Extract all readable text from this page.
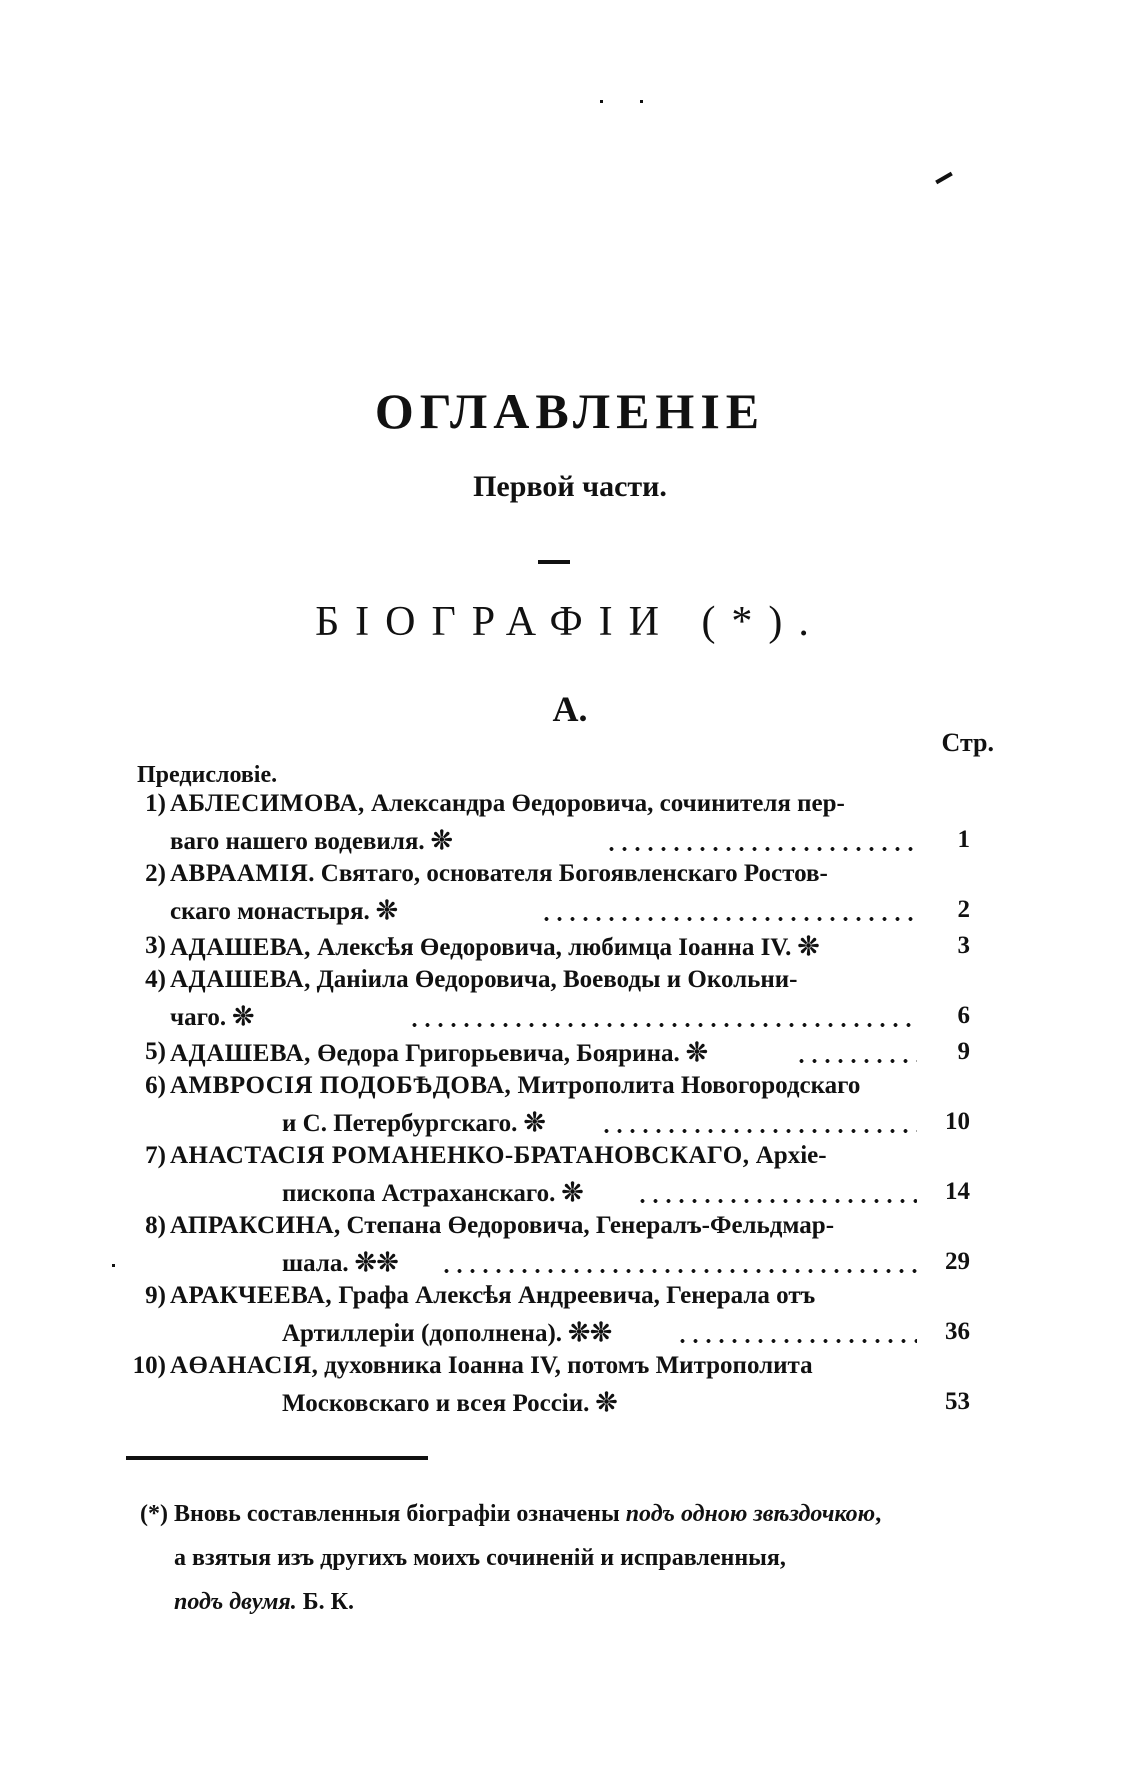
ОГЛАВЛЕНІЕ
Первой части.
БІОГРАФІИ (*).
А.
Стр.
Предисловіе.
1) АБЛЕСИМОВА, Александра Өедоровича, сочинителя пер-
ваго нашего водевиля. ❊	1
2) АВРААМІЯ. Святаго, основателя Богоявленскаго Ростов-
скаго монастыря. ❊	2
3) АДАШЕВА, Алексѣя Өедоровича, любимца Іоанна IV. ❊	3
4) АДАШЕВА, Даніила Өедоровича, Воеводы и Окольни-
чаго. ❊	6
5) АДАШЕВА, Өедора Григорьевича, Боярина. ❊	9
6) АМВРОСІЯ ПОДОБѢДОВА, Митрополита Новогородскаго
и С. Петербургскаго. ❊	10
7) АНАСТАСІЯ РОМАНЕНКО-БРАТАНОВСКАГО, Архіе-
пископа Астраханскаго. ❊	14
8) АПРАКСИНА, Степана Өедоровича, Генералъ-Фельдмар-
шала. ❊❊	29
9) АРАКЧЕЕВА, Графа Алексѣя Андреевича, Генерала отъ
Артиллеріи (дополнена). ❊❊	36
10) АӨАНАСІЯ, духовника Іоанна IV, потомъ Митрополита
Московскаго и всея Россіи. ❊	53
(*) Вновь составленныя біографіи означены подъ одною звѣздочкою,
а взятыя изъ другихъ моихъ сочиненій и исправленныя,
подъ двумя. Б. К.
